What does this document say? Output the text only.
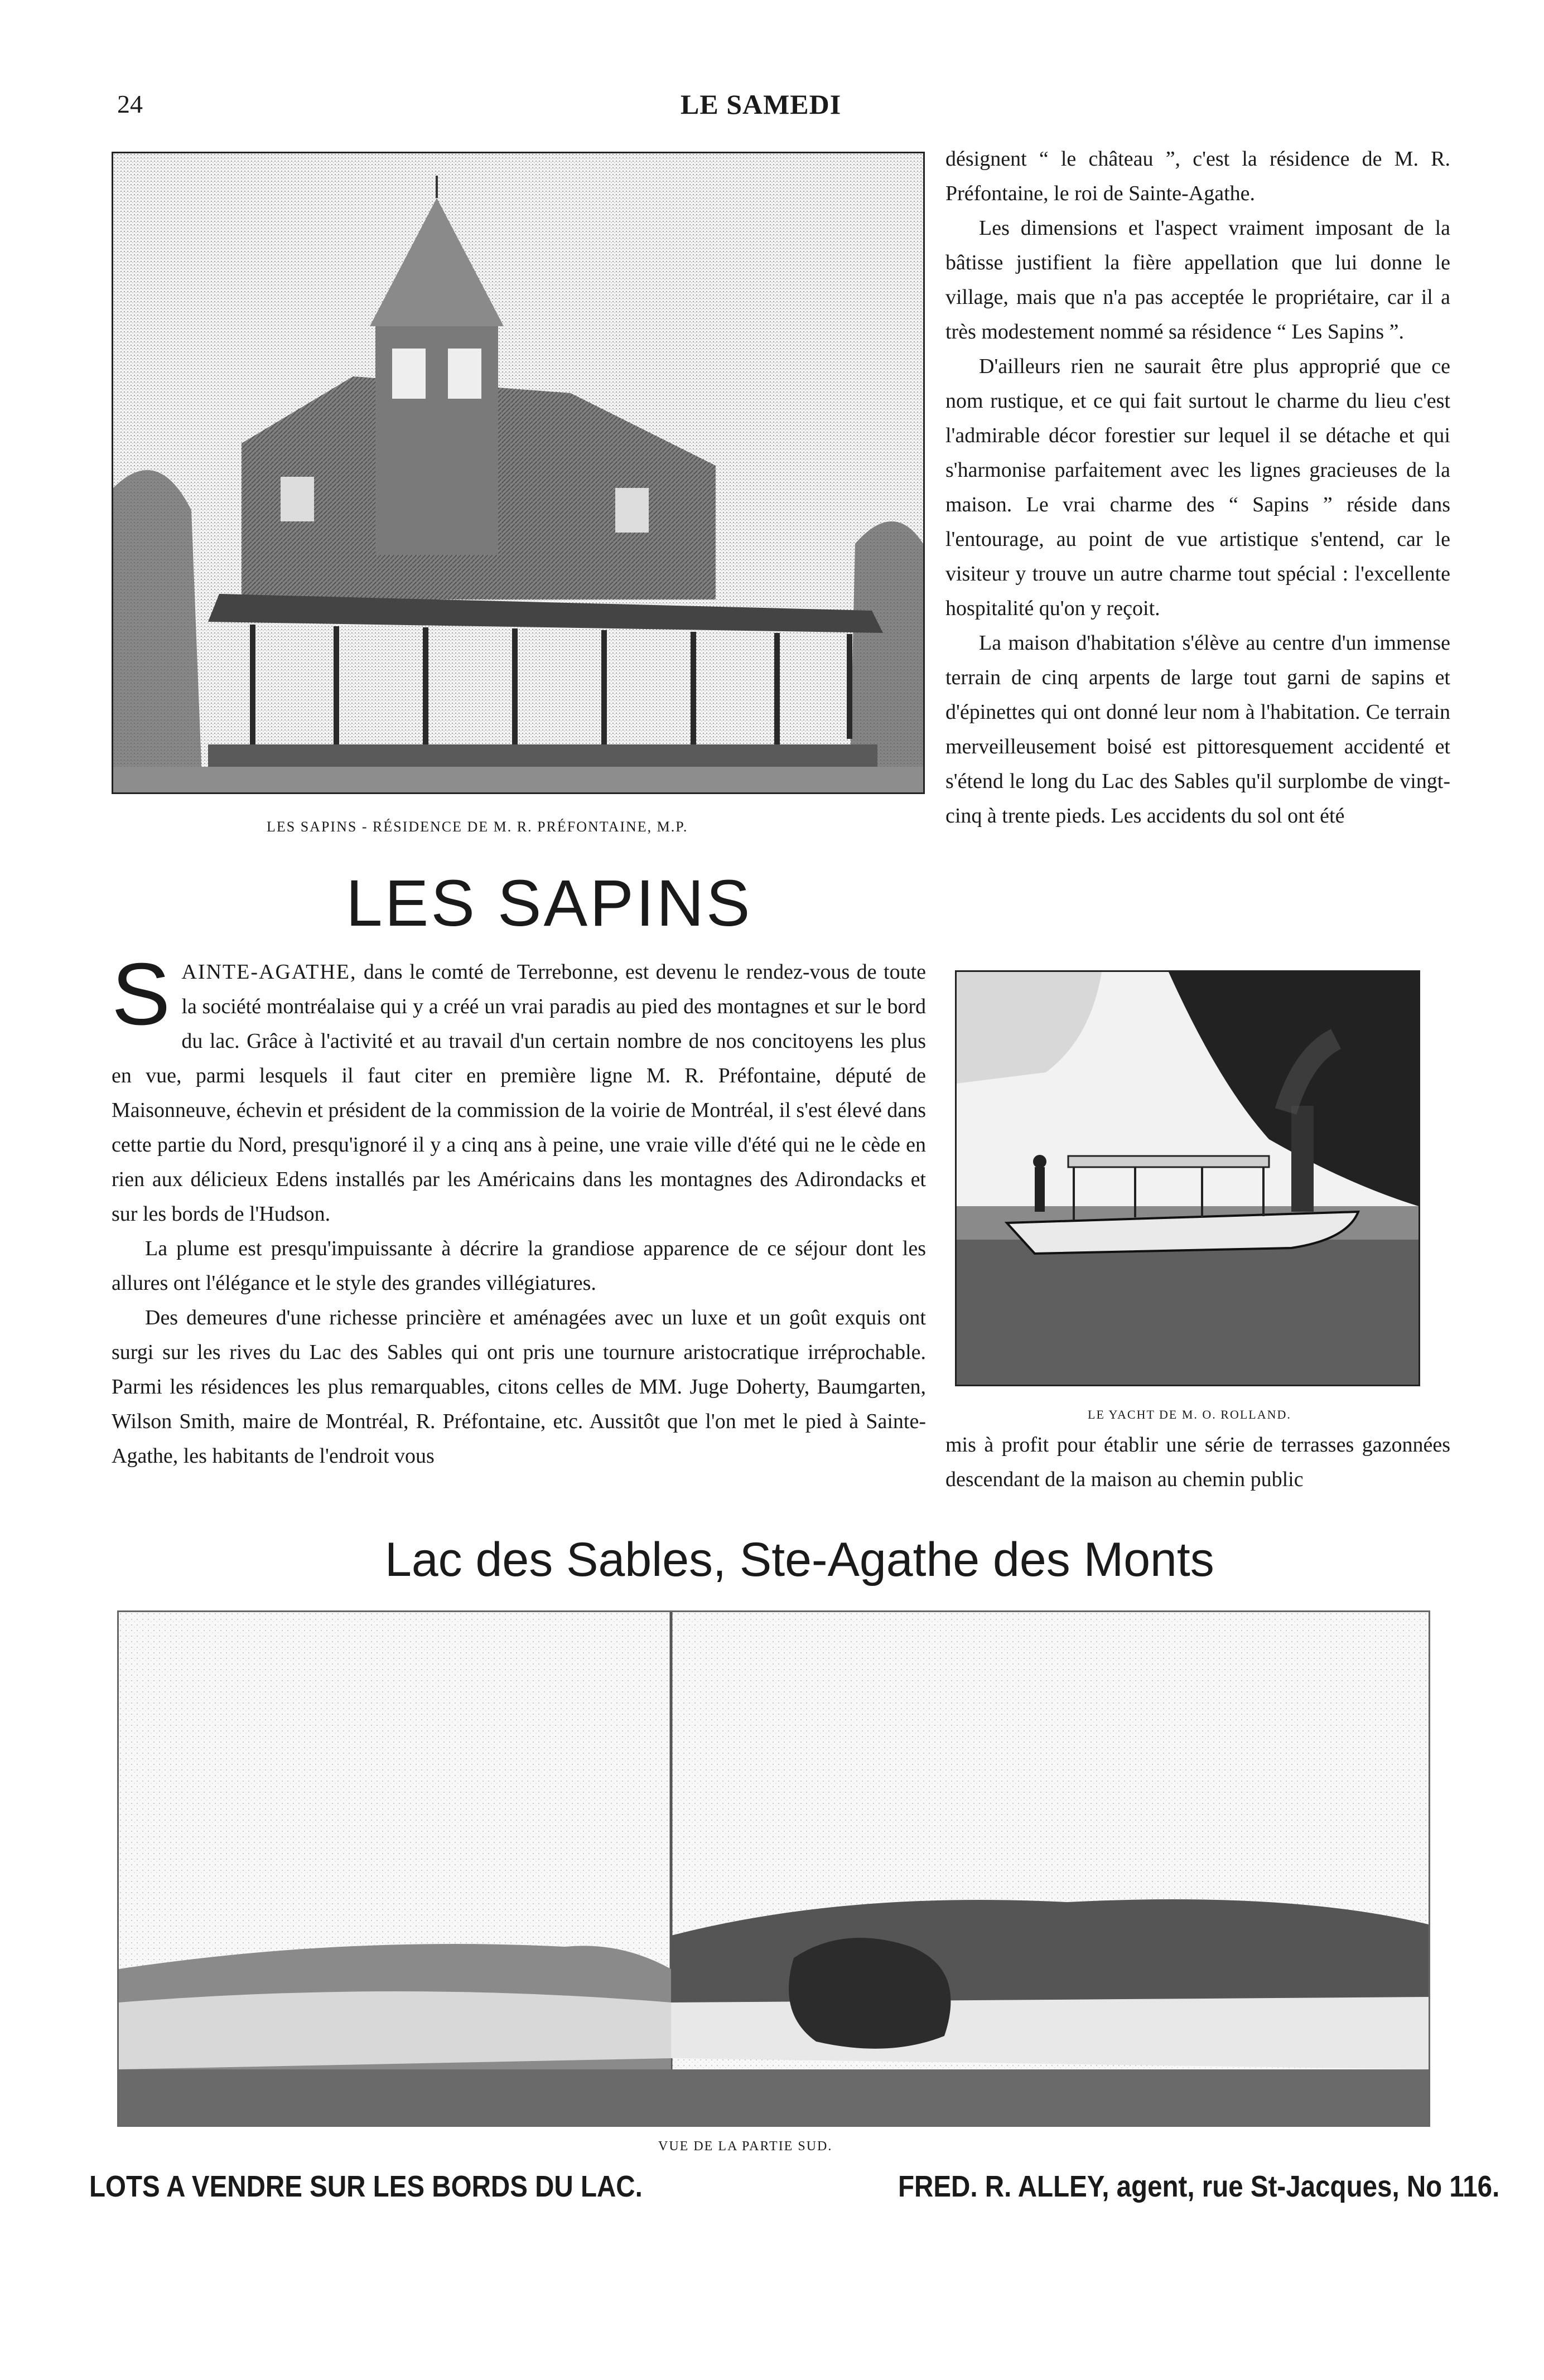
24	LE SAMEDI
LES SAPINS - RÉSIDENCE DE M. R. PRÉFONTAINE, M.P.
LES SAPINS

SAINTE-AGATHE, dans le comté de Terrebonne, est devenu le rendez-vous de toute la société montréalaise qui y a créé un vrai paradis au pied des montagnes et sur le bord du lac. Grâce à l'activité et au travail d'un certain nombre de nos concitoyens les plus en vue, parmi lesquels il faut citer en première ligne M. R. Préfontaine, député de Maisonneuve, échevin et président de la commission de la voirie de Montréal, il s'est élevé dans cette partie du Nord, presqu'ignoré il y a cinq ans à peine, une vraie ville d'été qui ne le cède en rien aux délicieux Edens installés par les Américains dans les montagnes des Adirondacks et sur les bords de l'Hudson.

La plume est presqu'impuissante à décrire la grandiose apparence de ce séjour dont les allures ont l'élégance et le style des grandes villégiatures.

Des demeures d'une richesse princière et aménagées avec un luxe et un goût exquis ont surgi sur les rives du Lac des Sables qui ont pris une tournure aristocratique irréprochable. Parmi les résidences les plus remarquables, citons celles de MM. Juge Doherty, Baumgarten, Wilson Smith, maire de Montréal, R. Préfontaine, etc. Aussitôt que l'on met le pied à Sainte-Agathe, les habitants de l'endroit vous

désignent “ le château ”, c'est la résidence de M. R. Préfontaine, le roi de Sainte-Agathe.

Les dimensions et l'aspect vraiment imposant de la bâtisse justifient la fière appellation que lui donne le village, mais que n'a pas acceptée le propriétaire, car il a très modestement nommé sa résidence “ Les Sapins ”.

D'ailleurs rien ne saurait être plus approprié que ce nom rustique, et ce qui fait surtout le charme du lieu c'est l'admirable décor forestier sur lequel il se détache et qui s'harmonise parfaitement avec les lignes gracieuses de la maison. Le vrai charme des “ Sapins ” réside dans l'entourage, au point de vue artistique s'entend, car le visiteur y trouve un autre charme tout spécial : l'excellente hospitalité qu'on y reçoit.

La maison d'habitation s'élève au centre d'un immense terrain de cinq arpents de large tout garni de sapins et d'épinettes qui ont donné leur nom à l'habitation. Ce terrain merveilleusement boisé est pittoresquement accidenté et s'étend le long du Lac des Sables qu'il surplombe de vingt-cinq à trente pieds. Les accidents du sol ont été

LE YACHT DE M. O. ROLLAND.

mis à profit pour établir une série de terrasses gazonnées descendant de la maison au chemin public

Lac des Sables, Ste-Agathe des Monts
VUE DE LA PARTIE SUD.
LOTS A VENDRE SUR LES BORDS DU LAC.	FRED. R. ALLEY, agent, rue St-Jacques, No 116.
